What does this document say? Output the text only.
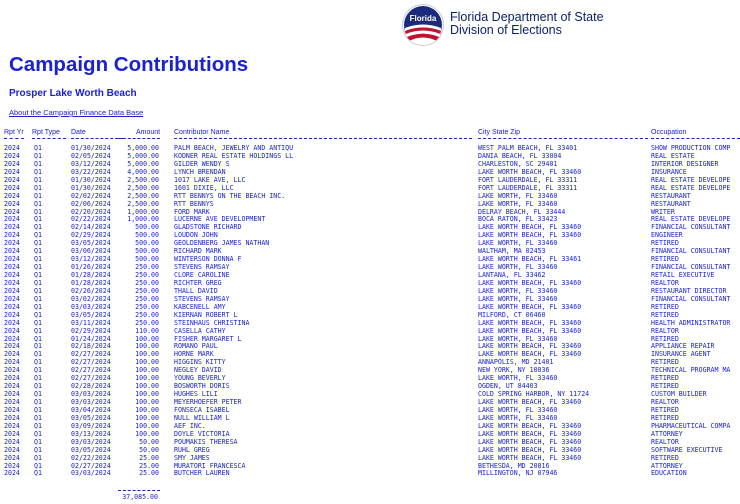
Florida Florida Department of State
Division of Elections
Campaign Contributions
Prosper Lake Worth Beach
About the Campaign Finance Data Base
Rpt Yr Rpt Type Date	Amount Contributor Name	City State Zip	Occupation
2024	Q1	01/30/2024	5,000.00 PALM BEACH, JEWELRY AND ANTIQU	WEST PALM BEACH, FL 33401	SHOW PRODUCTION COMP
2024	Q1	02/05/2024	5,000.00 KODNER REAL ESTATE HOLDINGS LL	DANIA BEACH, FL 33004	REAL ESTATE
2024	Q1	03/12/2024	5,000.00 GILDER WENDY S	CHARLESTON, SC 29401	INTERIOR DESIGNER
2024	Q1	03/22/2024	4,000.00 LYNCH BRENDAN	LAKE WORTH BEACH, FL 33460	INSURANCE
2024	Q1	01/30/2024	2,500.00 1017 LAKE AVE, LLC	FORT LAUDERDALE, FL 33311	REAL ESTATE DEVELOPE
2024	Q1	01/30/2024	2,500.00 1601 DIXIE, LLC	FORT LAUDERDALE, FL 33311	REAL ESTATE DEVELOPE
2024	Q1	02/02/2024	2,500.00 RTT BENNYS ON THE BEACH INC.	LAKE WORTH, FL 33460	RESTAURANT
2024	Q1	02/06/2024	2,500.00 RTT BENNYS	LAKE WORTH, FL 33460	RESTAURANT
2024	Q1	02/20/2024	1,000.00 FORD MARK	DELRAY BEACH, FL 33444	WRITER
2024	Q1	02/22/2024	1,000.00 LUCERNE AVE DEVELOPMENT	BOCA RATON, FL 33423	REAL ESTATE DEVELOPE
2024	Q1	02/14/2024	500.00 GLADSTONE RICHARD	LAKE WORTH BEACH, FL 33460	FINANCIAL CONSULTANT
2024	Q1	02/29/2024	500.00 LOUDON JOHN	LAKE WORTH BEACH, FL 33460	ENGINEER
2024	Q1	03/05/2024	500.00 GEOLDENBERG JAMES NATHAN	LAKE WORTH, FL 33460	RETIRED
2024	Q1	03/06/2024	500.00 RICHARD MARK	WALTHAM, MA 02453	FINANCIAL CONSULTANT
2024	Q1	03/12/2024	500.00 WINTERSON DONNA F	LAKE WORTH BEACH, FL 33461	RETIRED
2024	Q1	01/26/2024	250.00 STEVENS RAMSAY	LAKE WORTH, FL 33460	FINANCIAL CONSULTANT
2024	Q1	01/28/2024	250.00 CLORE CAROLINE	LANTANA, FL 33462	RETAIL EXECUTIVE
2024	Q1	01/28/2024	250.00 RICHTER GREG	LAKE WORTH BEACH, FL 33460	REALTOR
2024	Q1	02/26/2024	250.00 THALL DAVID	LAKE WORTH, FL 33460	RESTAURANT DIRECTOR
2024	Q1	03/02/2024	250.00 STEVENS RAMSAY	LAKE WORTH, FL 33460	FINANCIAL CONSULTANT
2024	Q1	03/03/2024	250.00 KABCENELL AMY	LAKE WORTH BEACH, FL 33460	RETIRED
2024	Q1	03/05/2024	250.00 KIERNAN ROBERT L	MILFORD, CT 06460	RETIRED
2024	Q1	03/11/2024	250.00 STEINHAUS CHRISTINA	LAKE WORTH BEACH, FL 33460	HEALTH ADMINISTRATOR
2024	Q1	02/29/2024	110.00 CASELLA CATHY	LAKE WORTH BEACH, FL 33460	REALTOR
2024	Q1	01/24/2024	100.00 FISHER MARGARET L	LAKE WORTH, FL 33460	RETIRED
2024	Q1	02/18/2024	100.00 ROMANO PAUL	LAKE WORTH BEACH, FL 33460	APPLIANCE REPAIR
2024	Q1	02/27/2024	100.00 HORNE MARK	LAKE WORTH BEACH, FL 33460	INSURANCE AGENT
2024	Q1	02/27/2024	100.00 HIGGINS KITTY	ANNAPOLIS, MD 21401	RETIRED
2024	Q1	02/27/2024	100.00 NEGLEY DAVID	NEW YORK, NY 10036	TECHNICAL PROGRAM MA
2024	Q1	02/27/2024	100.00 YOUNG BEVERLY	LAKE WORTH, FL 33460	RETIRED
2024	Q1	02/28/2024	100.00 BOSWORTH DORIS	OGDEN, UT 84403	RETIRED
2024	Q1	03/03/2024	100.00 HUGHES LILI	COLD SPRING HARBOR, NY 11724	CUSTOM BUILDER
2024	Q1	03/03/2024	100.00 MEYERHOEFER PETER	LAKE WORTH BEACH, FL 33460	REALTOR
2024	Q1	03/04/2024	100.00 FONSECA ISABEL	LAKE WORTH, FL 33460	RETIRED
2024	Q1	03/05/2024	100.00 NULL WILLIAM L	LAKE WORTH, FL 33460	RETIRED
2024	Q1	03/09/2024	100.00 AEF INC.	LAKE WORTH BEACH, FL 33460	PHARMACEUTICAL COMPA
2024	Q1	03/13/2024	100.00 DOYLE VICTORIA	LAKE WORTH BEACH, FL 33460	ATTORNEY
2024	Q1	03/03/2024	50.00 POUMAKIS THERESA	LAKE WORTH BEACH, FL 33460	REALTOR
2024	Q1	03/05/2024	50.00 RUHL GREG	LAKE WORTH BEACH, FL 33460	SOFTWARE EXECUTIVE
2024	Q1	02/22/2024	25.00 SMY JAMES	LAKE WORTH BEACH, FL 33460	RETIRED
2024	Q1	02/27/2024	25.00 MURATORI FRANCESCA	BETHESDA, MD 20816	ATTORNEY
2024	Q1	03/03/2024	25.00 BUTCHER LAUREN	MILLINGTON, NJ 07946	EDUCATION
37,085.00
